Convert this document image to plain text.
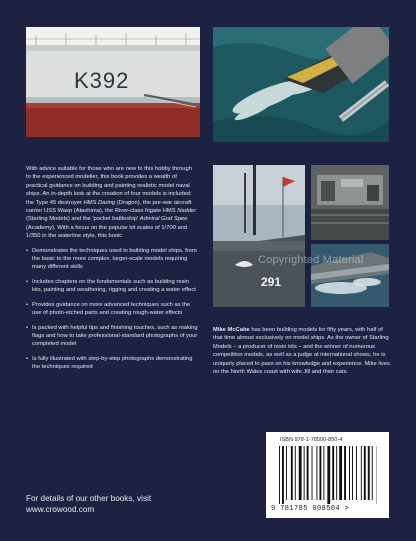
K392
291
Copyrighted Material

With advice suitable for those who are new to this hobby through to the experienced modeller, this book provides a wealth of practical guidance on building and painting realistic model naval ships. An in-depth look at the creation of four models is included: the Type 45 destroyer HMS Daring (Dragon), the pre-war aircraft carrier USS Wasp (Atashima), the River-class frigate HMS Nadder (Starling Models) and the 'pocket battleship' Admiral Graf Spee (Academy). With a focus on the popular kit scales of 1/700 and 1/350 in the waterline style, this book:

• Demonstrates the techniques used in building model ships, from the basic to the more complex, larger-scale models requiring many different skills
• Includes chapters on the fundamentals such as building resin kits, painting and weathering, rigging and creating a water effect
• Provides guidance on more advanced techniques such as the use of photo-etched parts and creating rough-water effects
• Is packed with helpful tips and finishing touches, such as making flags and how to take professional-standard photographs of your completed model
• Is fully illustrated with step-by-step photographs demonstrating the techniques required
Mike McCabe has been building models for fifty years, with half of that time almost exclusively on model ships. As the owner of Starling Models – a producer of resin kits – and the winner of numerous competition medals, as well as a judge at international shows, he is uniquely placed to pass on his knowledge and experience. Mike lives on the North Wales coast with wife Jill and their cats.
For details of our other books, visit
www.crowood.com
ISBN 978-1-78500-850-4
9 781785 008504 >
